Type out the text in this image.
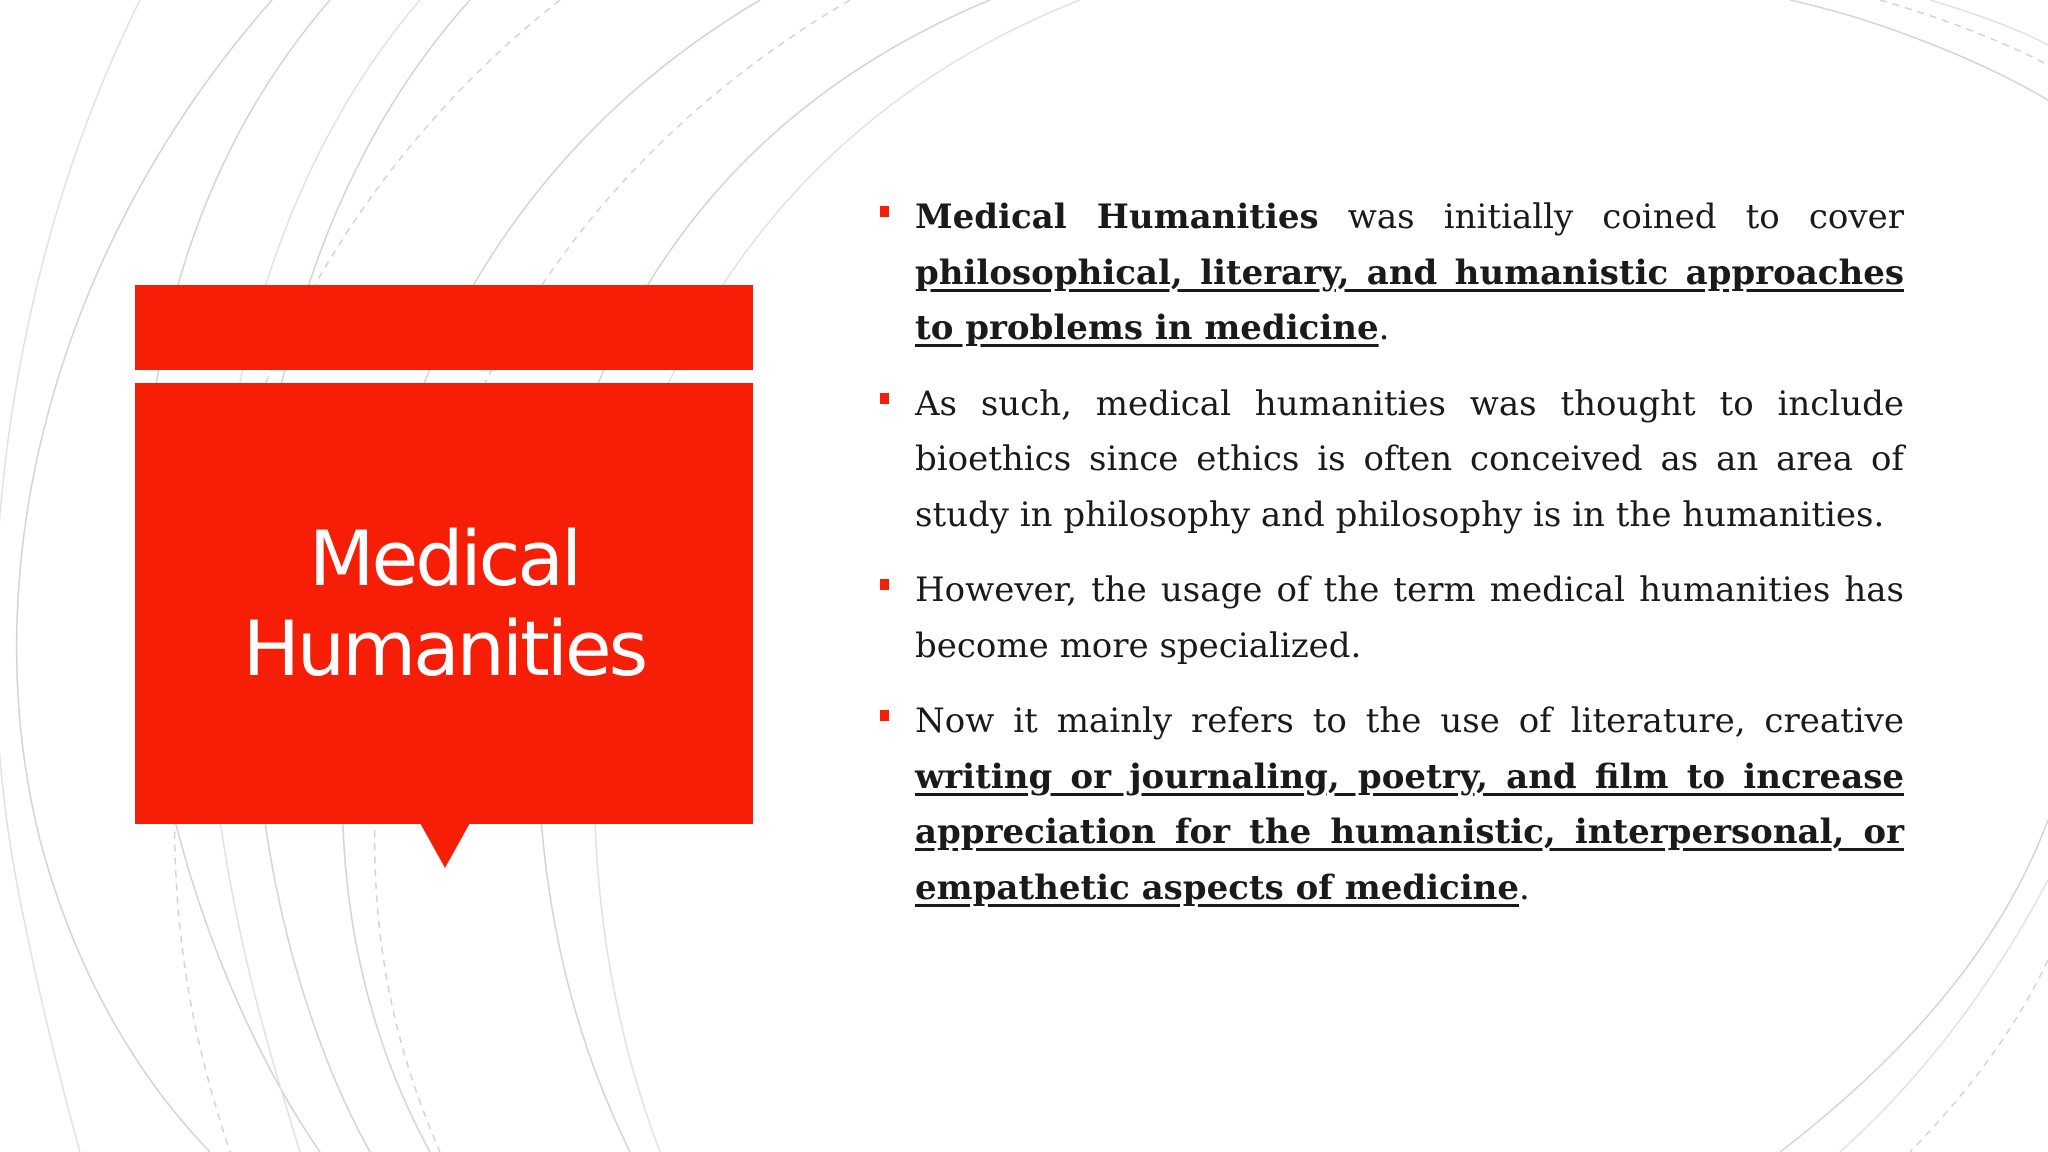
Medical
Humanities
Medical Humanities was initially coined to cover philosophical, literary, and humanistic approaches to problems in medicine.
As such, medical humanities was thought to include bioethics since ethics is often conceived as an area of study in philosophy and philosophy is in the humanities.
However, the usage of the term medical humanities has become more specialized.
Now it mainly refers to the use of literature, creative writing or journaling, poetry, and film to increase appreciation for the humanistic, interpersonal, or empathetic aspects of medicine.
